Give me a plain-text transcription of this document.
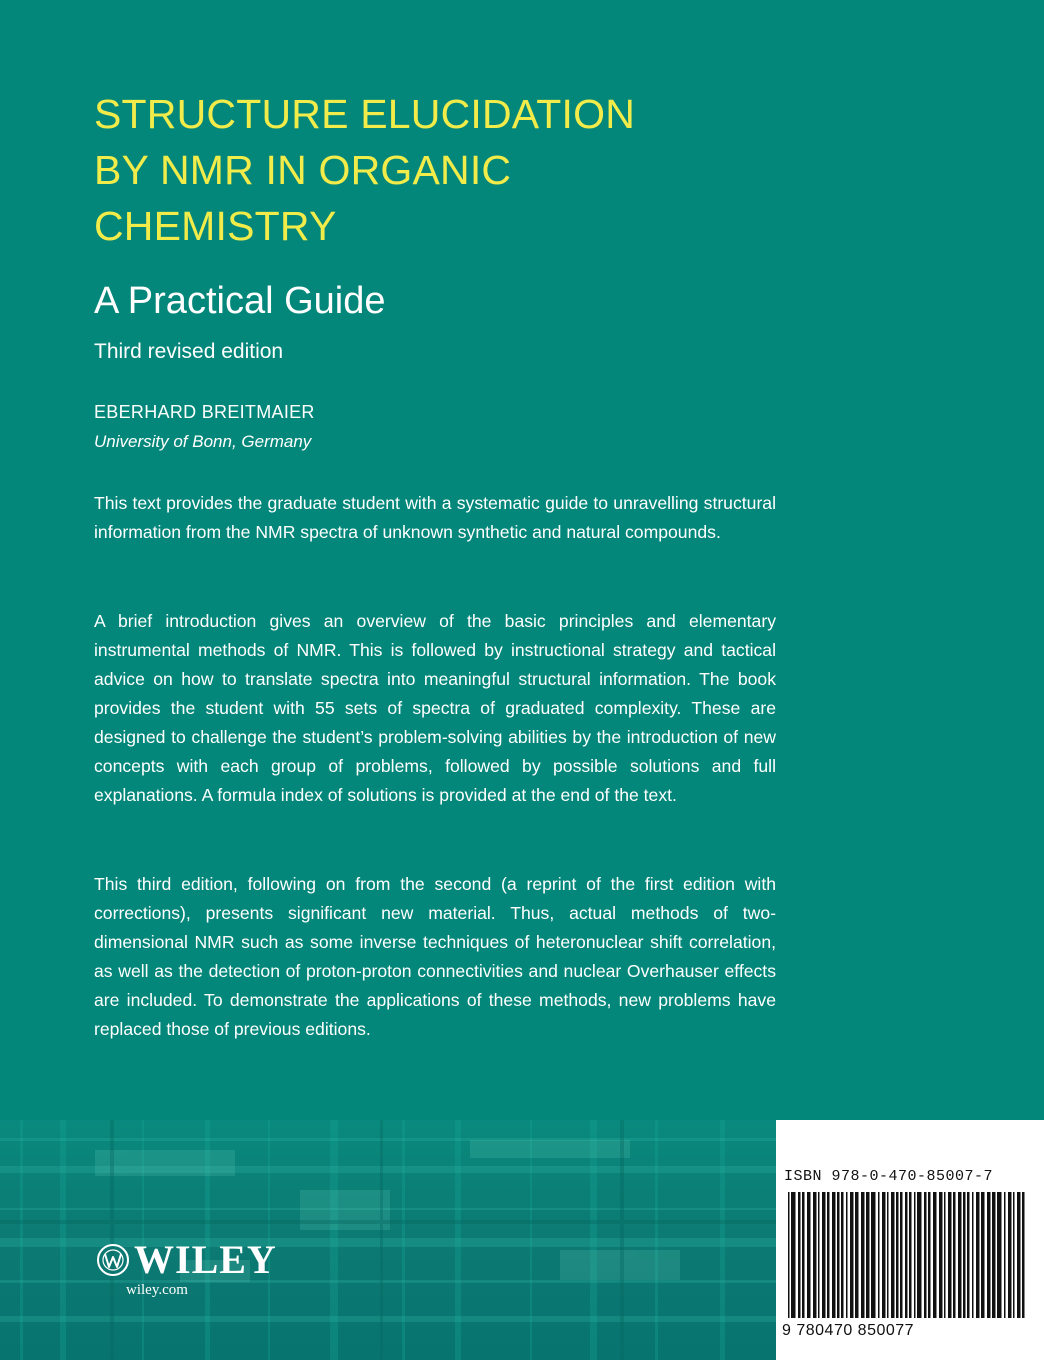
STRUCTURE ELUCIDATION
BY NMR IN ORGANIC
CHEMISTRY
A Practical Guide
Third revised edition
EBERHARD BREITMAIER
University of Bonn, Germany

This text provides the graduate student with a systematic guide to unravelling structural information from the NMR spectra of unknown synthetic and natural compounds.

A brief introduction gives an overview of the basic principles and elementary instrumental methods of NMR. This is followed by instructional strategy and tactical advice on how to translate spectra into meaningful structural information. The book provides the student with 55 sets of spectra of graduated complexity. These are designed to challenge the student’s problem-solving abilities by the introduction of new concepts with each group of problems, followed by possible solutions and full explanations. A formula index of solutions is provided at the end of the text.

This third edition, following on from the second (a reprint of the first edition with corrections), presents significant new material. Thus, actual methods of two-dimensional NMR such as some inverse techniques of heteronuclear shift correlation, as well as the detection of proton-proton connectivities and nuclear Overhauser effects are included. To demonstrate the applications of these methods, new problems have replaced those of previous editions.

WILEY
wiley.com
ISBN 978-0-470-85007-7
9 780470 850077
